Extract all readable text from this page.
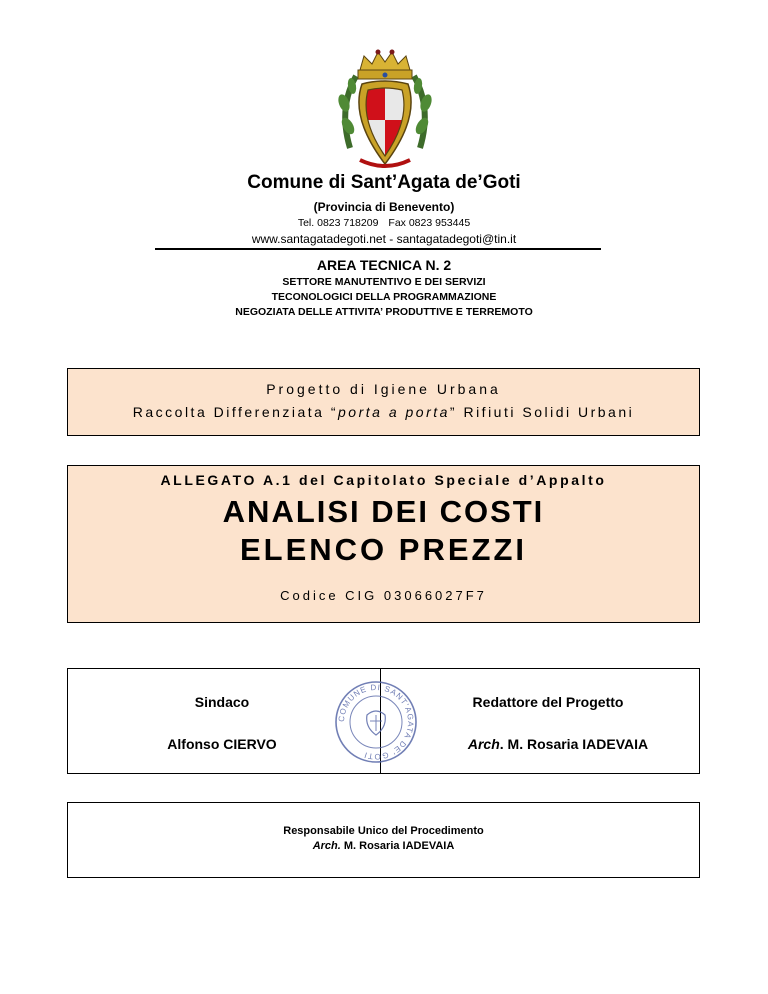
Comune di Sant’Agata de’Goti
(Provincia di Benevento)
Tel. 0823 718209 Fax 0823 953445
www.santagatadegoti.net - santagatadegoti@tin.it
AREA TECNICA N. 2
SETTORE MANUTENTIVO E DEI SERVIZI
TECONOLOGICI DELLA PROGRAMMAZIONE
NEGOZIATA DELLE ATTIVITA’ PRODUTTIVE E TERREMOTO
Progetto di Igiene Urbana
Raccolta Differenziata “porta a porta” Rifiuti Solidi Urbani
ALLEGATO A.1 del Capitolato Speciale d’Appalto
ANALISI DEI COSTI
ELENCO PREZZI
Codice CIG 03066027F7
Sindaco
Alfonso CIERVO
Redattore del Progetto
Arch. M. Rosaria IADEVAIA
COMUNE DI SANT'AGATA DE' GOTI
Responsabile Unico del Procedimento
Arch. M. Rosaria IADEVAIA
